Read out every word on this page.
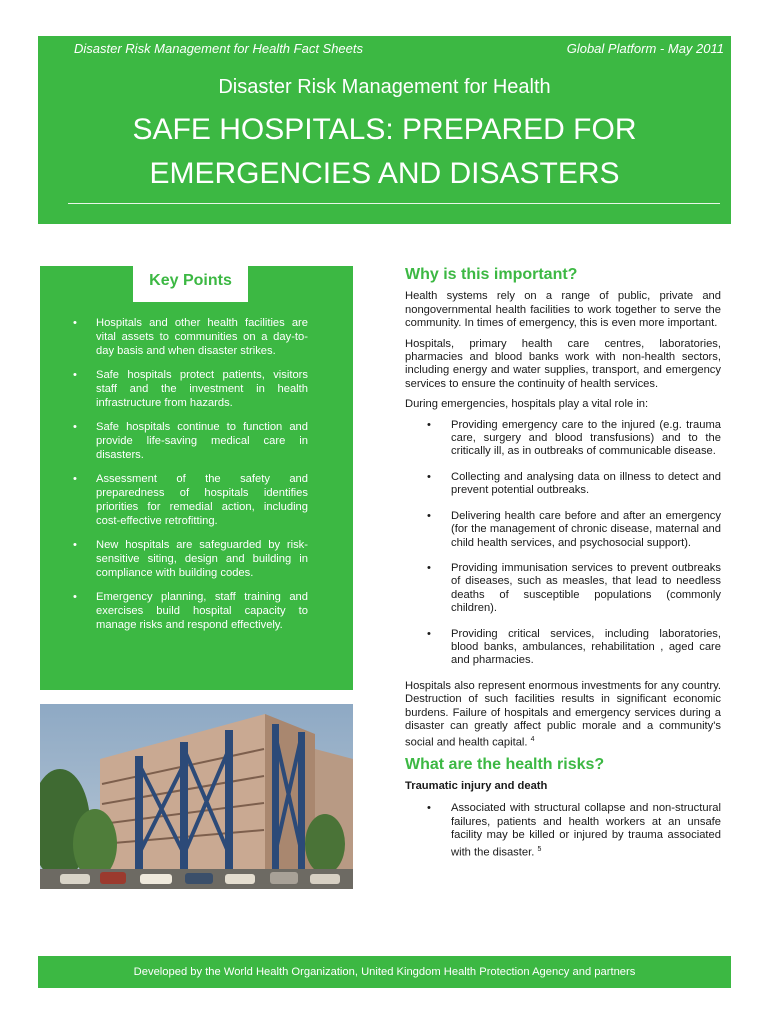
Disaster Risk Management for Health Fact Sheets	Global Platform - May 2011
Disaster Risk Management for Health
SAFE HOSPITALS: PREPARED FOR
EMERGENCIES AND DISASTERS
Key Points
• Hospitals and other health facilities are vital assets to communities on a day-to-day basis and when disaster strikes.
• Safe hospitals protect patients, visitors staff and the investment in health infrastructure from hazards.
• Safe hospitals continue to function and provide life-saving medical care in disasters.
• Assessment of the safety and preparedness of hospitals identifies priorities for remedial action, including cost-effective retrofitting.
• New hospitals are safeguarded by risk- sensitive siting, design and building in compliance with building codes.
• Emergency planning, staff training and exercises build hospital capacity to manage risks and respond effectively.
Why is this important?

Health systems rely on a range of public, private and nongovernmental health facilities to work together to serve the community. In times of emergency, this is even more important.

Hospitals, primary health care centres, laboratories, pharmacies and blood banks work with non-health sectors, including energy and water supplies, transport, and emergency services to ensure the continuity of health services.

During emergencies, hospitals play a vital role in:

• Providing emergency care to the injured (e.g. trauma care, surgery and blood transfusions) and to the critically ill, as in outbreaks of communicable disease.
• Collecting and analysing data on illness to detect and prevent potential outbreaks.
• Delivering health care before and after an emergency (for the management of chronic disease, maternal and child health services, and psychosocial support).
• Providing immunisation services to prevent outbreaks of diseases, such as measles, that lead to needless deaths of susceptible populations (commonly children).
• Providing critical services, including laboratories, blood banks, ambulances, rehabilitation , aged care and pharmacies.

Hospitals also represent enormous investments for any country. Destruction of such facilities results in significant economic burdens. Failure of hospitals and emergency services during a disaster can greatly affect public morale and a community's social and health capital. $^4$

What are the health risks?
Traumatic injury and death
• Associated with structural collapse and non-structural failures, patients and health workers at an unsafe facility may be killed or injured by trauma associated with the disaster. $^5$
Developed by the World Health Organization, United Kingdom Health Protection Agency and partners
